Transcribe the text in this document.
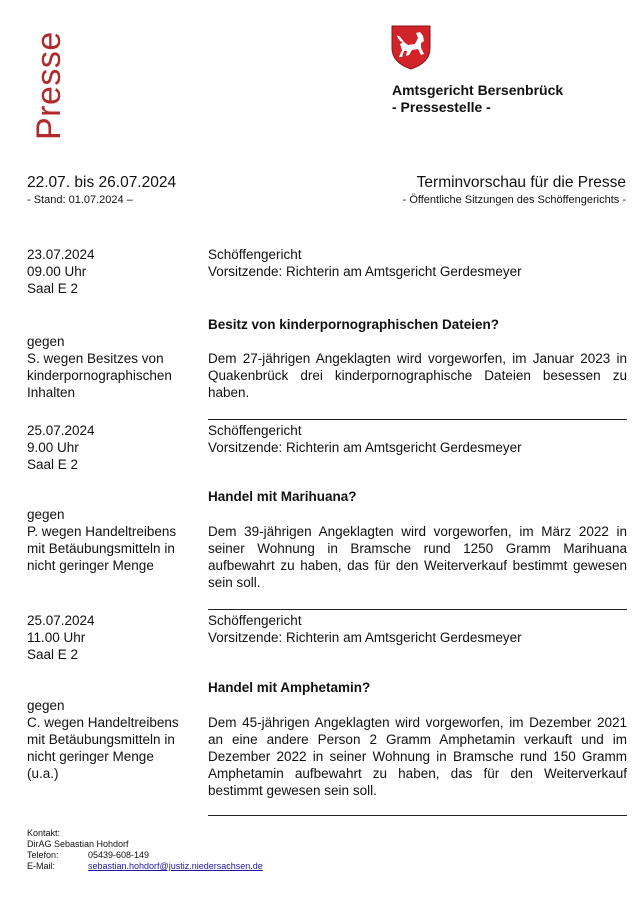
Presse	Amtsgericht Bersenbrück
- Pressestelle -
22.07. bis 26.07.2024
- Stand: 01.07.2024 –
Terminvorschau für die Presse
- Öffentliche Sitzungen des Schöffengerichts -
23.07.2024
09.00 Uhr
Saal E 2
Schöffengericht
Vorsitzende: Richterin am Amtsgericht Gerdesmeyer
Besitz von kinderpornographischen Dateien?
gegen
S. wegen Besitzes von
kinderpornographischen
Inhalten
Dem 27-jährigen Angeklagten wird vorgeworfen, im Januar 2023 in Quakenbrück drei kinderpornographische Dateien besessen zu haben.
25.07.2024
9.00 Uhr
Saal E 2
Schöffengericht
Vorsitzende: Richterin am Amtsgericht Gerdesmeyer
Handel mit Marihuana?
gegen
P. wegen Handeltreibens
mit Betäubungsmitteln in
nicht geringer Menge
Dem 39-jährigen Angeklagten wird vorgeworfen, im März 2022 in seiner Wohnung in Bramsche rund 1250 Gramm Marihuana aufbewahrt zu haben, das für den Weiterverkauf bestimmt gewesen sein soll.
25.07.2024
11.00 Uhr
Saal E 2
Schöffengericht
Vorsitzende: Richterin am Amtsgericht Gerdesmeyer
Handel mit Amphetamin?
gegen
C. wegen Handeltreibens
mit Betäubungsmitteln in
nicht geringer Menge
(u.a.)
Dem 45-jährigen Angeklagten wird vorgeworfen, im Dezember 2021 an eine andere Person 2 Gramm Amphetamin verkauft und im Dezember 2022 in seiner Wohnung in Bramsche rund 150 Gramm Amphetamin aufbewahrt zu haben, das für den Weiterverkauf bestimmt gewesen sein soll.
Kontakt:
DirAG Sebastian Hohdorf
Telefon:	05439-608-149
E-Mail:	sebastian.hohdorf@justiz.niedersachsen.de
